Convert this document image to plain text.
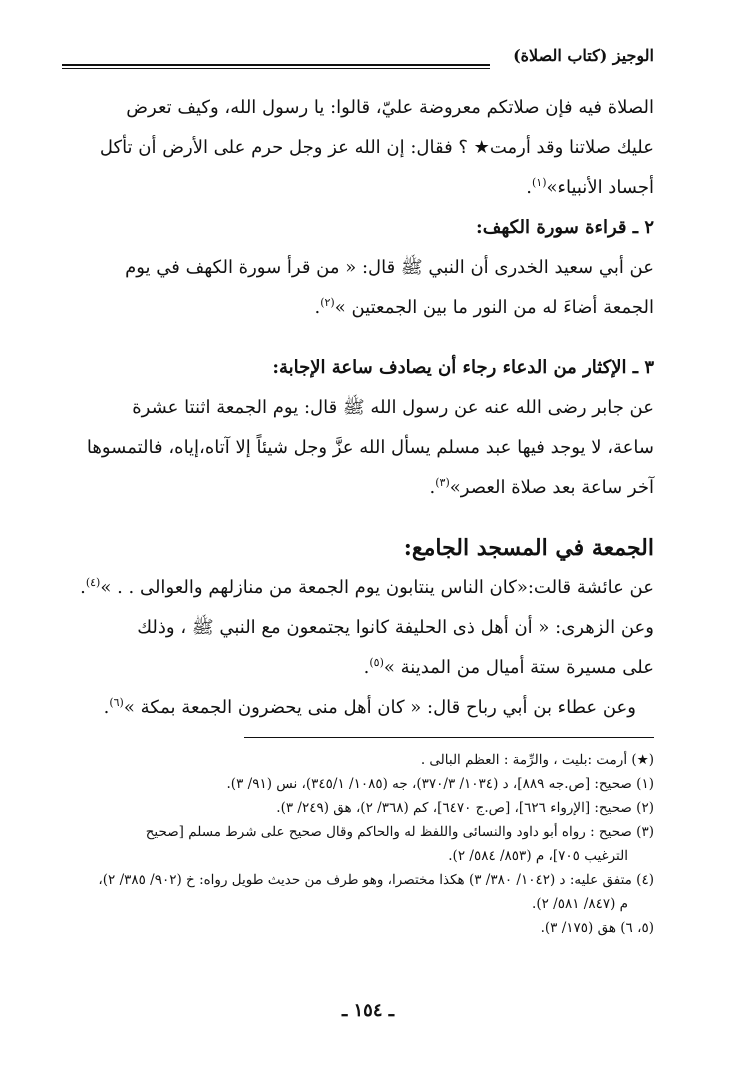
الوجيز (كتاب الصلاة)

الصلاة فيه فإن صلاتكم معروضة عليّ، قالوا: يا رسول الله، وكيف تعرض

عليك صلاتنا وقد أرمت★ ؟ فقال: إن الله عز وجل حرم على الأرض أن تأكل

أجساد الأنبياء»$^{(١)}$.

٢ ـ قراءة سورة الكهف:

عن أبي سعيد الخدرى أن النبي ﷺ قال: « من قرأ سورة الكهف في يوم

الجمعة أضاءَ له من النور ما بين الجمعتين »$^{(٢)}$.

٣ ـ الإكثار من الدعاء رجاء أن يصادف ساعة الإجابة:

عن جابر رضى الله عنه عن رسول الله ﷺ قال: يوم الجمعة اثنتا عشرة

ساعة، لا يوجد فيها عبد مسلم يسأل الله عزَّ وجل شيئاً إلا آتاه،إياه، فالتمسوها

آخر ساعة بعد صلاة العصر»$^{(٣)}$.

الجمعة في المسجد الجامع:

عن عائشة قالت:«كان الناس ينتابون يوم الجمعة من منازلهم والعوالى . . »$^{(٤)}$.

وعن الزهرى: « أن أهل ذى الحليفة كانوا يجتمعون مع النبي ﷺ ، وذلك

على مسيرة ستة أميال من المدينة »$^{(٥)}$.

وعن عطاء بن أبي رباح قال: « كان أهل منى يحضرون الجمعة بمكة »$^{(٦)}$.

(★) أرمت :بليت ، والرِّمة : العظم البالى .

(١) صحيح: [ص.جه ٨٨٩]، د (١٠٣٤/ ٣٧٠/٣)، جه (١٠٨٥/ ٣٤٥/١)، نس (٩١/ ٣).

(٢) صحيح: [الإرواء ٦٢٦]، [ص.ج ٦٤٧٠]، كم (٣٦٨/ ٢)، هق (٢٤٩/ ٣).

(٣) صحيح : رواه أبو داود والنسائى واللفظ له والحاكم وقال صحيح على شرط مسلم [صحيح

الترغيب ٧٠٥]، م (٨٥٣/ ٥٨٤/ ٢).

(٤) متفق عليه: د (١٠٤٢/ ٣٨٠/ ٣) هكذا مختصرا، وهو طرف من حديث طويل رواه: خ (٩٠٢/ ٣٨٥/ ٢)،

م (٨٤٧/ ٥٨١/ ٢).

(٥، ٦) هق (١٧٥/ ٣).

ـ ١٥٤ ـ
